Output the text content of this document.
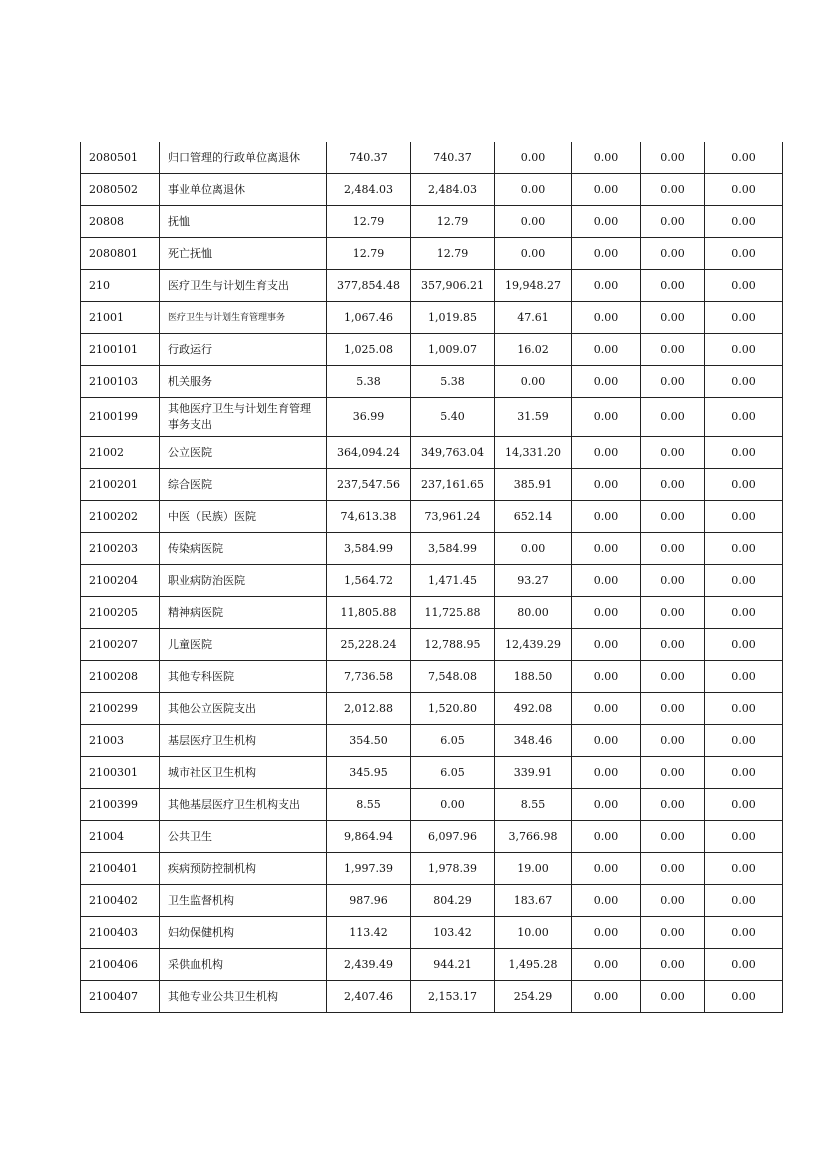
2080501	归口管理的行政单位离退休	740.37	740.37	0.00	0.00	0.00	0.00
2080502	事业单位离退休	2,484.03	2,484.03	0.00	0.00	0.00	0.00
20808	抚恤	12.79	12.79	0.00	0.00	0.00	0.00
2080801	死亡抚恤	12.79	12.79	0.00	0.00	0.00	0.00
210	医疗卫生与计划生育支出	377,854.48	357,906.21	19,948.27	0.00	0.00	0.00
21001	医疗卫生与计划生育管理事务	1,067.46	1,019.85	47.61	0.00	0.00	0.00
2100101	行政运行	1,025.08	1,009.07	16.02	0.00	0.00	0.00
2100103	机关服务	5.38	5.38	0.00	0.00	0.00	0.00
2100199	其他医疗卫生与计划生育管理事务支出	36.99	5.40	31.59	0.00	0.00	0.00
21002	公立医院	364,094.24	349,763.04	14,331.20	0.00	0.00	0.00
2100201	综合医院	237,547.56	237,161.65	385.91	0.00	0.00	0.00
2100202	中医（民族）医院	74,613.38	73,961.24	652.14	0.00	0.00	0.00
2100203	传染病医院	3,584.99	3,584.99	0.00	0.00	0.00	0.00
2100204	职业病防治医院	1,564.72	1,471.45	93.27	0.00	0.00	0.00
2100205	精神病医院	11,805.88	11,725.88	80.00	0.00	0.00	0.00
2100207	儿童医院	25,228.24	12,788.95	12,439.29	0.00	0.00	0.00
2100208	其他专科医院	7,736.58	7,548.08	188.50	0.00	0.00	0.00
2100299	其他公立医院支出	2,012.88	1,520.80	492.08	0.00	0.00	0.00
21003	基层医疗卫生机构	354.50	6.05	348.46	0.00	0.00	0.00
2100301	城市社区卫生机构	345.95	6.05	339.91	0.00	0.00	0.00
2100399	其他基层医疗卫生机构支出	8.55	0.00	8.55	0.00	0.00	0.00
21004	公共卫生	9,864.94	6,097.96	3,766.98	0.00	0.00	0.00
2100401	疾病预防控制机构	1,997.39	1,978.39	19.00	0.00	0.00	0.00
2100402	卫生监督机构	987.96	804.29	183.67	0.00	0.00	0.00
2100403	妇幼保健机构	113.42	103.42	10.00	0.00	0.00	0.00
2100406	采供血机构	2,439.49	944.21	1,495.28	0.00	0.00	0.00
2100407	其他专业公共卫生机构	2,407.46	2,153.17	254.29	0.00	0.00	0.00
